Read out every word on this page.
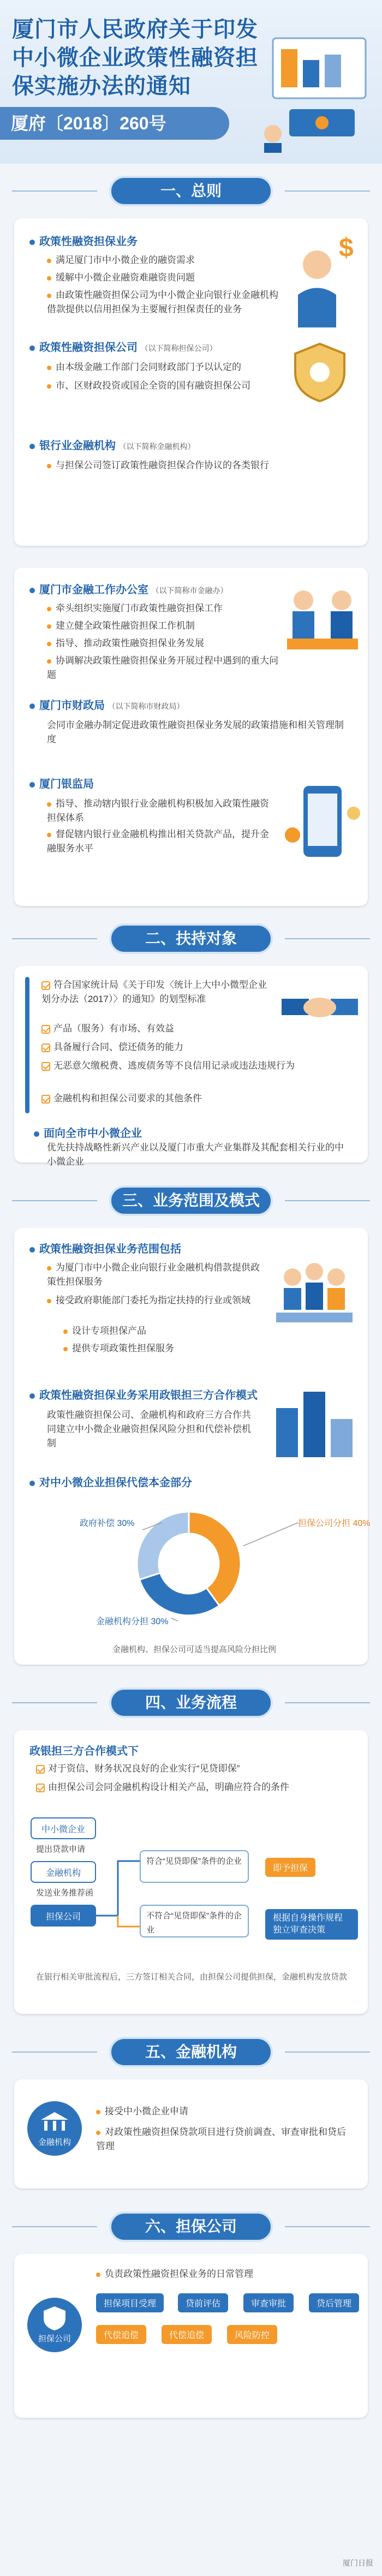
厦门市人民政府关于印发中小微企业政策性融资担保实施办法的通知
厦府〔2018〕260号
一、总则
政策性融资担保业务
满足厦门市中小微企业的融资需求
缓解中小微企业融资难融资贵问题
由政策性融资担保公司为中小微企业向银行业金融机构借款提供以信用担保为主要履行担保责任的业务
$
政策性融资担保公司 （以下简称担保公司）
由本级金融工作部门会同财政部门予以认定的
市、区财政投资或国企全资的国有融资担保公司
银行业金融机构 （以下简称金融机构）
与担保公司签订政策性融资担保合作协议的各类银行
厦门市金融工作办公室 （以下简称市金融办）
牵头组织实施厦门市政策性融资担保工作
建立健全政策性融资担保工作机制
指导、推动政策性融资担保业务发展
协调解决政策性融资担保业务开展过程中遇到的重大问题
厦门市财政局 （以下简称市财政局）
会同市金融办制定促进政策性融资担保业务发展的政策措施和相关管理制度
厦门银监局
指导、推动辖内银行业金融机构积极加入政策性融资担保体系
督促辖内银行业金融机构推出相关贷款产品，提升金融服务水平
二、扶持对象
符合国家统计局《关于印发〈统计上大中小微型企业划分办法（2017）〉的通知》的划型标准
产品（服务）有市场、有效益
具备履行合同、偿还债务的能力
无恶意欠缴税费、逃废债务等不良信用记录或违法违规行为
金融机构和担保公司要求的其他条件
面向全市中小微企业
优先扶持战略性新兴产业以及厦门市重大产业集群及其配套相关行业的中小微企业
三、业务范围及模式
政策性融资担保业务范围包括
为厦门市中小微企业向银行业金融机构借款提供政策性担保服务
接受政府职能部门委托为指定扶持的行业或领域
设计专项担保产品
提供专项政策性担保服务
政策性融资担保业务采用政银担三方合作模式
政策性融资担保公司、金融机构和政府三方合作共同建立中小微企业融资担保风险分担和代偿补偿机制
对中小微企业担保代偿本金部分
担保公司分担 40%
金融机构分担 30%
政府补偿 30%
金融机构、担保公司可适当提高风险分担比例
四、业务流程
政银担三方合作模式下
对于资信、财务状况良好的企业实行“见贷即保”
由担保公司会同金融机构设计相关产品，明确应符合的条件
中小微企业
提出贷款申请
金融机构
发送业务推荐函
担保公司
符合“见贷即保”条件的企业
不符合“见贷即保”条件的企业
即予担保
根据自身操作规程独立审查决策
在银行相关审批流程后，三方签订相关合同，由担保公司提供担保，金融机构发放贷款
五、金融机构
金融机构
接受中小微企业申请
对政策性融资担保贷款项目进行贷前调查、审查审批和贷后管理
六、担保公司
担保公司
负责政策性融资担保业务的日常管理
担保项目受理	贷前评估	审查审批	贷后管理
代偿追偿	代偿追偿	风险防控
厦门日报
